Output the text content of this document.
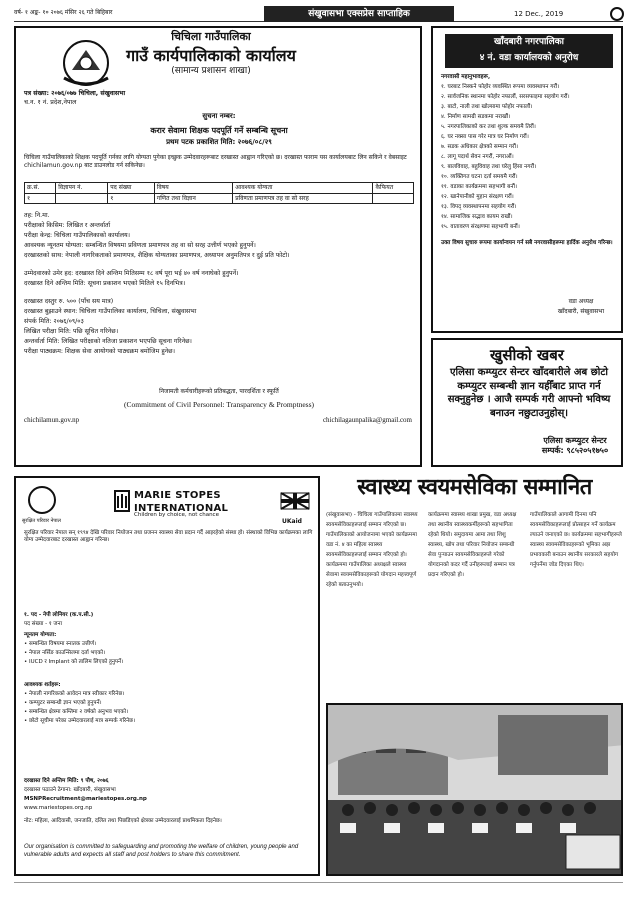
वर्ष- १ अङ्क- १० २०७६ मंसिर २६ गते बिहिबार	संखुवासभा एक्सप्रेस साप्ताहिक	12 Dec., 2019
चिचिला गाउँपालिका
गाउँ कार्यपालिकाको कार्यालय
(सामान्य प्रशासन शाखा)
पत्र संख्या: २०७६/०७७ चिचिला, संखुवासभा
च.न. १ नं. प्रदेश,नेपाल
सुचना नम्बर:
करार सेवामा शिक्षक पदपूर्ति गर्ने सम्बन्धि सूचना
प्रथम पटक प्रकाशित मिति: २०७६/०८/२९
चिचिला गाउँपालिकाको शिक्षक पदपूर्ति गर्नका लागि योग्यता पुगेका इच्छुक उम्मेदवारहरूबाट दरखास्त आह्वान गरिएको छ। दरखास्त फाराम यस कार्यालयबाट लिन सकिने र वेबसाइट chichilamun.gov.np बाट डाउनलोड गर्न सकिनेछ।
क्र.सं.	विज्ञापन नं.	पद संख्या	विषय	आवश्यक योग्यता	कैफियत
१		१	गणित तथा विज्ञान	प्रविणता प्रमाणपत्र तह वा सो सरह	
तह: नि.मा.
परीक्षाको किसिम: लिखित र अन्तर्वार्ता
परीक्षा केन्द्र: चिचिला गाउँपालिकाको कार्यालय।
आवश्यक न्यूनतम योग्यता: सम्बन्धित विषयमा प्रविणता प्रमाणपत्र तह वा सो सरह उत्तीर्ण भएको हुनुपर्ने।
दरखास्तको साथ: नेपाली नागरिकताको प्रमाणपत्र, शैक्षिक योग्यताका प्रमाणपत्र, अध्यापन अनुमतिपत्र र दुई प्रति फोटो।
उम्मेदवारको उमेर हद: दरखास्त दिने अन्तिम मितिसम्म १८ वर्ष पूरा भई ४० वर्ष ननाघेको हुनुपर्ने।
दरखास्त दिने अन्तिम मिति: सूचना प्रकाशन भएको मितिले १५ दिनभित्र।
दरखास्त दस्तुर रु. ५०० (पाँच सय मात्र)
दरखास्त बुझाउने स्थान: चिचिला गाउँपालिका कार्यालय, चिचिला, संखुवासभा
संपर्क मिति: २०७६/०९/०३
लिखित परीक्षा मिति: पछि सूचित गरिनेछ।
अन्तर्वार्ता मिति: लिखित परीक्षाको नतिजा प्रकाशन भएपछि सूचना गरिनेछ।
परीक्षा पाठ्यक्रम: शिक्षक सेवा आयोगको पाठ्यक्रम बमोजिम हुनेछ।
निजामती कर्मचारीहरूको प्रतिबद्धता, पारदर्शिता र स्फूर्ति
(Commitment of Civil Personnel: Transparency & Promptness)
chichilamun.gov.np	chichilagaunpalika@gmail.com
खाँदबारी नगरपालिका
४ नं. वडा कार्यालयको अनुरोध
नगरवासी महानुभावहरू,
१. घरबाट निस्कने फोहोर व्यवस्थित रूपमा व्यवस्थापन गरौं।
२. सार्वजनिक स्थानमा फोहोर नफालौं, सरसफाइमा सहयोग गरौं।
३. बाटो, नाली तथा खोल्सामा फोहोर नफालौं।
४. निर्माण सामग्री सडकमा नराखौं।
५. नगरपालिकाको कर तथा शुल्क समयमै तिरौं।
६. घर नक्सा पास गरेर मात्र घर निर्माण गरौं।
७. सडक अधिकार क्षेत्रको सम्मान गरौं।
८. लागू पदार्थ सेवन नगरौं, नगराऔं।
९. बालविवाह, बहुविवाह तथा घरेलु हिंसा नगरौं।
१०. व्यक्तिगत घटना दर्ता समयमै गरौं।
११. वडाका कार्यक्रममा सहभागी बनौं।
१२. खानेपानीको मुहान संरक्षण गरौं।
१३. विपद् व्यवस्थापनमा सहयोग गरौं।
१४. सामाजिक सद्भाव कायम राखौं।
१५. वातावरण संरक्षणमा सहभागी बनौं।
उक्त विषय सुचारु रूपमा कार्यान्वयन गर्न सबै नगरवासीहरूमा हार्दिक अनुरोध गरिन्छ।
वडा अध्यक्ष
खाँदबारी, संखुवासभा
खुसीको खबर
एलिसा कम्प्युटर सेन्टर खाँदबारीले अब छोटो कम्प्युटर सम्बन्धी ज्ञान यहीँबाट प्राप्त गर्न सक्नुहुनेछ । आजै सम्पर्क गरी आफ्नो भविष्य बनाउन नछुटाउनुहोस्।
एलिसा कम्प्युटर सेन्टर
सम्पर्क: ९८५२०५१७५०
सुरक्षित परिवार नेपाल
MARIE STOPES INTERNATIONAL
Children by choice, not chance
UKaid
सुरक्षित परिवार नेपाल सन् १९९४ देखि परिवार नियोजन तथा प्रजनन स्वास्थ्य सेवा प्रदान गर्दै आइरहेको संस्था हो। संस्थाको विभिन्न कार्यक्रमका लागि योग्य उम्मेदवारबाट दरखास्त आह्वान गरिन्छ।
१. पद - नेपी लोनियर (क.प.सी.)
पद संख्या - १ जना
न्यूनतम योग्यता:
• सम्बन्धित विषयमा स्नातक उत्तीर्ण।
• नेपाल नर्सिङ काउन्सिलमा दर्ता भएको।
• IUCD र Implant को तालिम लिएको हुनुपर्ने।
आवश्यक शर्तहरू:
• नेपाली नागरिकको आवेदन मात्र स्वीकार गरिनेछ।
• कम्प्युटर सम्बन्धी ज्ञान भएको हुनुपर्ने।
• सम्बन्धित क्षेत्रमा कम्तिमा २ वर्षको अनुभव भएको।
• छोटो सूचीमा परेका उम्मेदवारलाई मात्र सम्पर्क गरिनेछ।
दरखास्त दिने अन्तिम मिति: ९ पौष, २०७६
दरखास्त पठाउने ठेगाना: खाँदबारी, संखुवासभा
MSNPRecruitment@mariestopes.org.np
www.mariestopes.org.np
नोट: महिला, आदिवासी, जनजाति, दलित तथा पिछडिएको क्षेत्रका उम्मेदवारलाई प्राथमिकता दिइनेछ।
Our organisation is committed to safeguarding and promoting the welfare of children, young people and vulnerable adults and expects all staff and post holders to share this commitment.
स्वास्थ्य स्वयमसेविका सम्मानित
(संखुवासभा) - चिचिला गाउँपालिकामा स्वास्थ्य स्वयमसेविकाहरूलाई सम्मान गरिएको छ। गाउँपालिकाको आयोजनामा भएको कार्यक्रममा वडा नं. ४ का महिला स्वास्थ्य स्वयमसेविकाहरूलाई सम्मान गरिएको हो। कार्यक्रममा गाउँपालिका अध्यक्षले स्वास्थ्य सेवामा स्वयमसेविकाहरूको योगदान महत्त्वपूर्ण रहेको बताउनुभयो।
कार्यक्रममा स्वास्थ्य शाखा प्रमुख, वडा अध्यक्ष तथा स्थानीय स्वास्थ्यकर्मीहरूको सहभागिता रहेको थियो। समुदायमा आमा तथा शिशु स्वास्थ्य, खोप तथा परिवार नियोजन सम्बन्धी सेवा पुर्‍याउन स्वयमसेविकाहरूले गरेको योगदानको कदर गर्दै उनीहरूलाई सम्मान पत्र प्रदान गरिएको हो।
गाउँपालिकाले आगामी दिनमा पनि स्वयमसेविकाहरूलाई प्रोत्साहन गर्ने कार्यक्रम ल्याउने जनाएको छ। कार्यक्रममा सहभागीहरूले स्वास्थ्य स्वयमसेविकाहरूको भूमिका अझ प्रभावकारी बनाउन स्थानीय सरकारले सहयोग गर्नुपर्नेमा जोड दिएका थिए।
